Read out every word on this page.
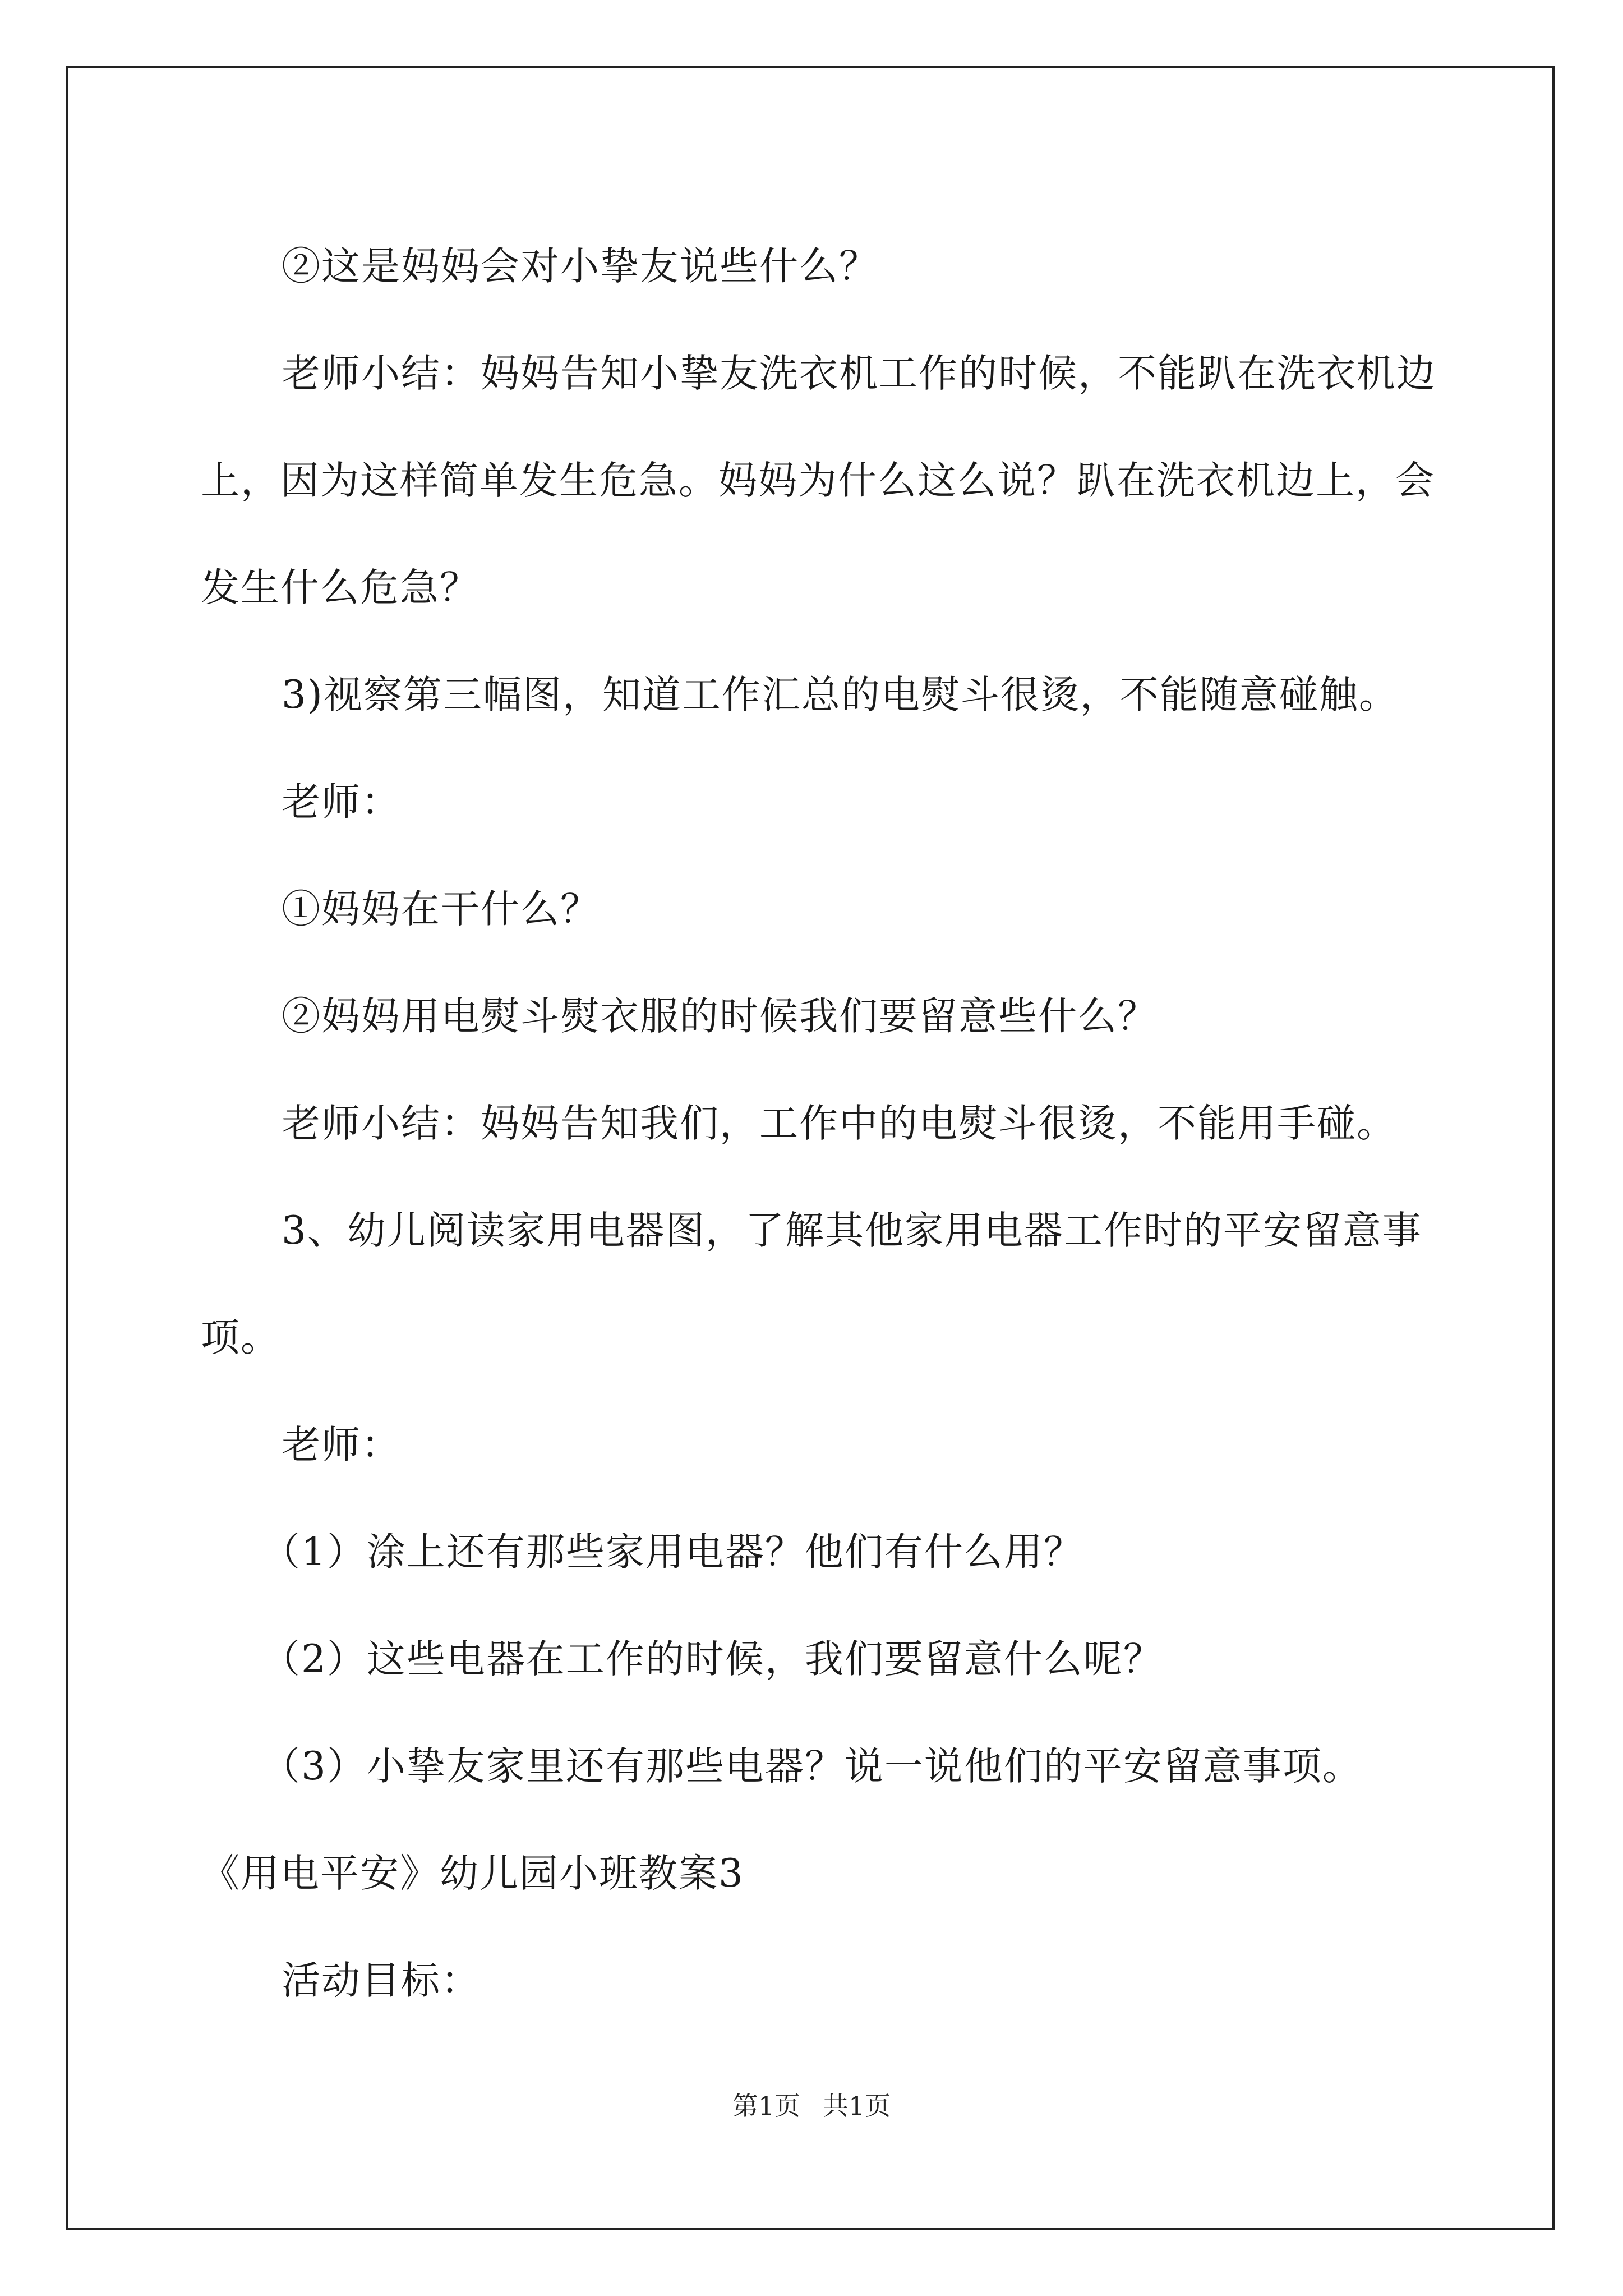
②这是妈妈会对小挚友说些什么？

老师小结：妈妈告知小挚友洗衣机工作的时候，不能趴在洗衣机边上，因为这样简单发生危急。妈妈为什么这么说？趴在洗衣机边上，会发生什么危急？

3)视察第三幅图，知道工作汇总的电熨斗很烫，不能随意碰触。

老师：

①妈妈在干什么？

②妈妈用电熨斗熨衣服的时候我们要留意些什么？

老师小结：妈妈告知我们，工作中的电熨斗很烫，不能用手碰。

3、幼儿阅读家用电器图，了解其他家用电器工作时的平安留意事项。

老师：

（1）涂上还有那些家用电器？他们有什么用？

（2）这些电器在工作的时候，我们要留意什么呢？

（3）小挚友家里还有那些电器？说一说他们的平安留意事项。

《用电平安》幼儿园小班教案3

活动目标：

第1页 共1页
